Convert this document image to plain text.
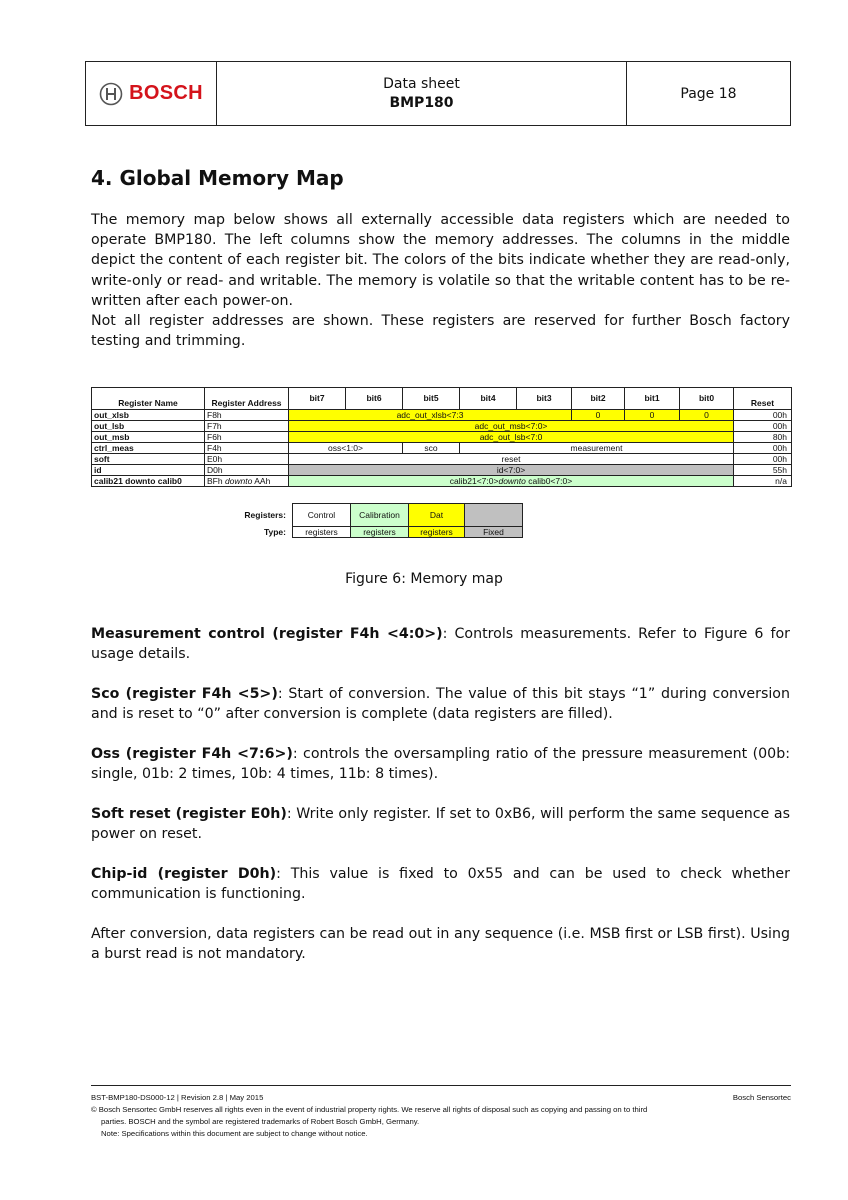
BOSCH	Data sheet
BMP180
Page 18
4. Global Memory Map

The memory map below shows all externally accessible data registers which are needed to operate BMP180. The left columns show the memory addresses. The columns in the middle depict the content of each register bit. The colors of the bits indicate whether they are read-only, write-only or read- and writable. The memory is volatile so that the writable content has to be re-written after each power-on.

Not all register addresses are shown. These registers are reserved for further Bosch factory testing and trimming.

Register Name	Register Address	bit7	bit6	bit5	bit4	bit3	bit2	bit1	bit0	Reset
out_xlsb	F8h	adc_out_xlsb<7:3					0	0	0	00h
out_lsb	F7h	adc_out_msb<7:0>								00h
out_msb	F6h	adc_out_lsb<7:0								80h
ctrl_meas	F4h	oss<1:0>		sco	measurement					00h
soft	E0h	reset								00h
id	D0h	id<7:0>								55h
calib21 downto calib0	BFh downto AAh	calib21<7:0>downto calib0<7:0>								n/a
Registers:	Control	Calibration	Dat	
Type:	registers	registers	registers	Fixed
Figure 6: Memory map

Measurement control (register F4h <4:0>): Controls measurements. Refer to Figure 6 for usage details.

Sco (register F4h <5>): Start of conversion. The value of this bit stays “1” during conversion and is reset to “0” after conversion is complete (data registers are filled).

Oss (register F4h <7:6>): controls the oversampling ratio of the pressure measurement (00b: single, 01b: 2 times, 10b: 4 times, 11b: 8 times).

Soft reset (register E0h): Write only register. If set to 0xB6, will perform the same sequence as power on reset.

Chip-id (register D0h): This value is fixed to 0x55 and can be used to check whether communication is functioning.

After conversion, data registers can be read out in any sequence (i.e. MSB first or LSB first). Using a burst read is not mandatory.

BST-BMP180-DS000-12 | Revision 2.8 | May 2015	Bosch Sensortec
© Bosch Sensortec GmbH reserves all rights even in the event of industrial property rights. We reserve all rights of disposal such as copying and passing on to third
parties. BOSCH and the symbol are registered trademarks of Robert Bosch GmbH, Germany.
Note: Specifications within this document are subject to change without notice.
